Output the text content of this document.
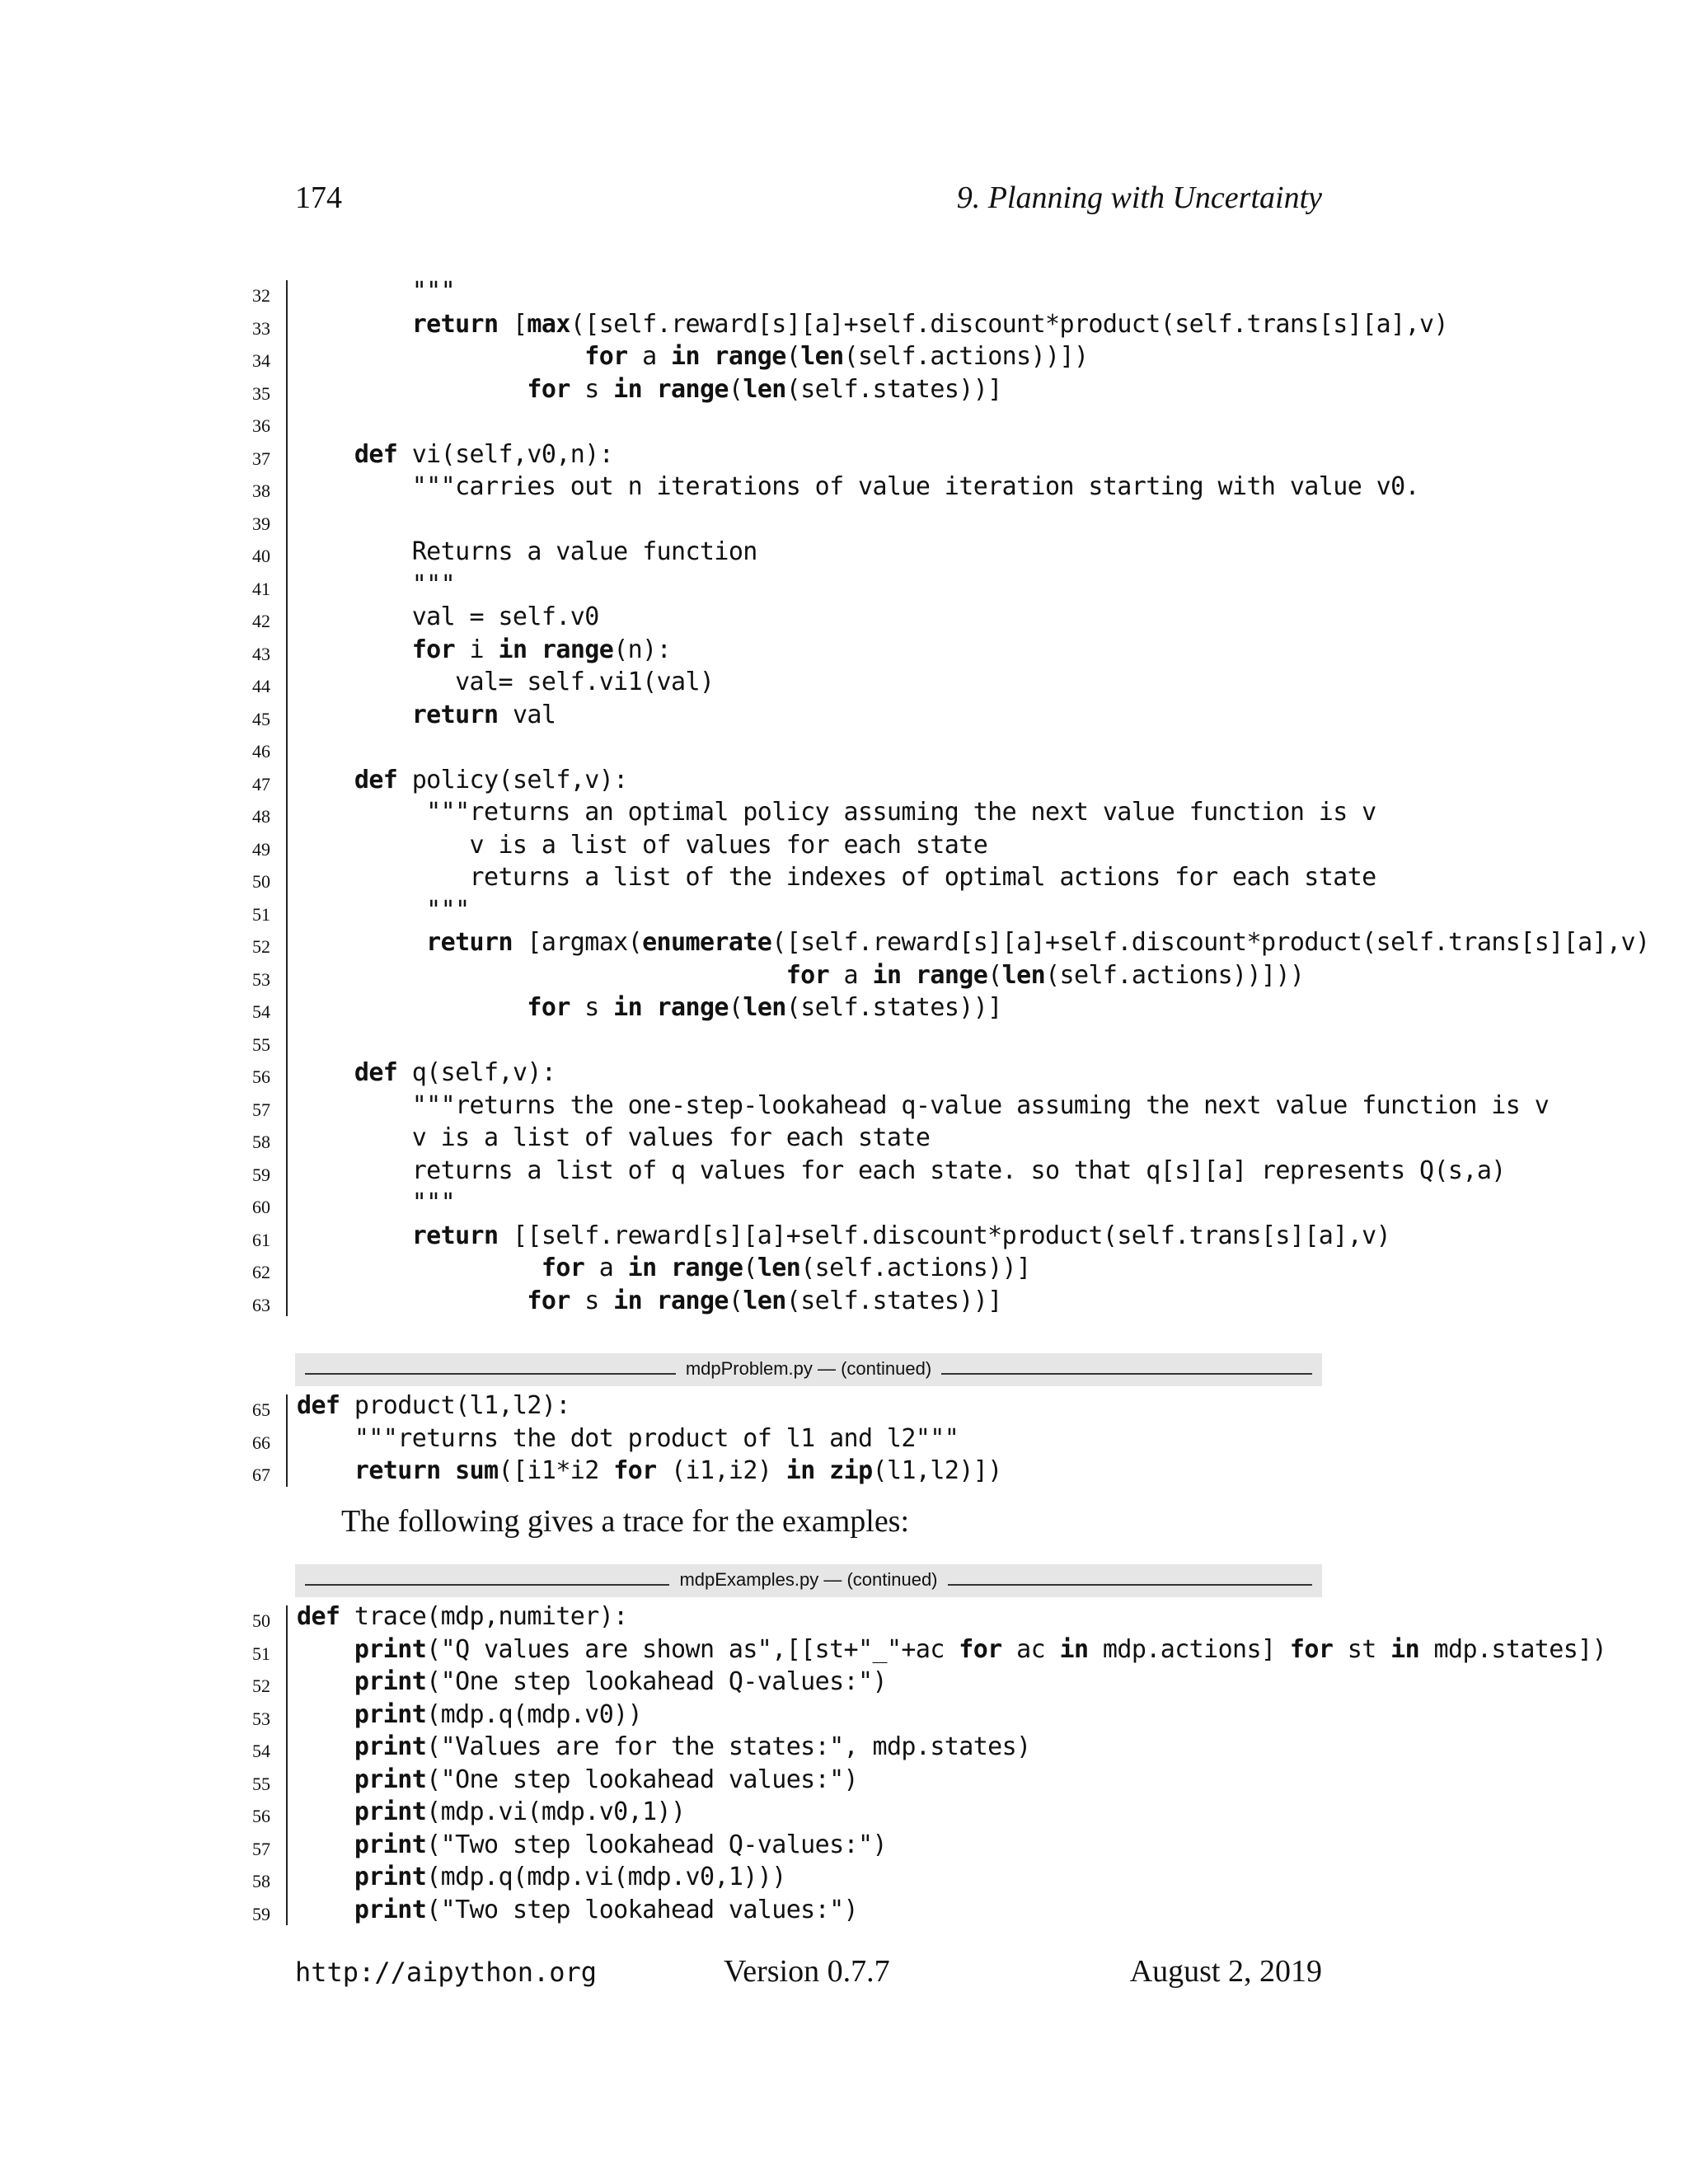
174	9. Planning with Uncertainty
32 """
33	return [max([self.reward[s][a]+self.discount*product(self.trans[s][a],v)
34	for a in range(len(self.actions))])
35	for s in range(len(self.states))]
36
37	def vi(self,v0,n):
38 """carries out n iterations of value iteration starting with value v0.
39
40 Returns a value function
41 """
42 val = self.v0
43	for i in range(n):
44 val= self.vi1(val)
45	return val
46
47	def policy(self,v):
48 """returns an optimal policy assuming the next value function is v
49 v is a list of values for each state
50 returns a list of the indexes of optimal actions for each state
51 """
52	return [argmax(enumerate([self.reward[s][a]+self.discount*product(self.trans[s][a],v)
53	for a in range(len(self.actions))]))
54	for s in range(len(self.states))]
55
56	def q(self,v):
57 """returns the one-step-lookahead q-value assuming the next value function is v
58 v is a list of values for each state
59 returns a list of q values for each state. so that q[s][a] represents Q(s,a)
60 """
61	return [[self.reward[s][a]+self.discount*product(self.trans[s][a],v)
62	for a in range(len(self.actions))]
63	for s in range(len(self.states))]
mdpProblem.py — (continued)
65 def product(l1,l2):
66 """returns the dot product of l1 and l2"""
67	return sum([i1*i2 for (i1,i2) in zip(l1,l2)])
The following gives a trace for the examples:
mdpExamples.py — (continued)
50 def trace(mdp,numiter):
51	print("Q values are shown as",[[st+"_"+ac for ac in mdp.actions] for st in mdp.states])
52	print("One step lookahead Q-values:")
53	print(mdp.q(mdp.v0))
54	print("Values are for the states:", mdp.states)
55	print("One step lookahead values:")
56	print(mdp.vi(mdp.v0,1))
57	print("Two step lookahead Q-values:")
58	print(mdp.q(mdp.vi(mdp.v0,1)))
59	print("Two step lookahead values:")
http://aipython.org	Version 0.7.7	August 2, 2019
